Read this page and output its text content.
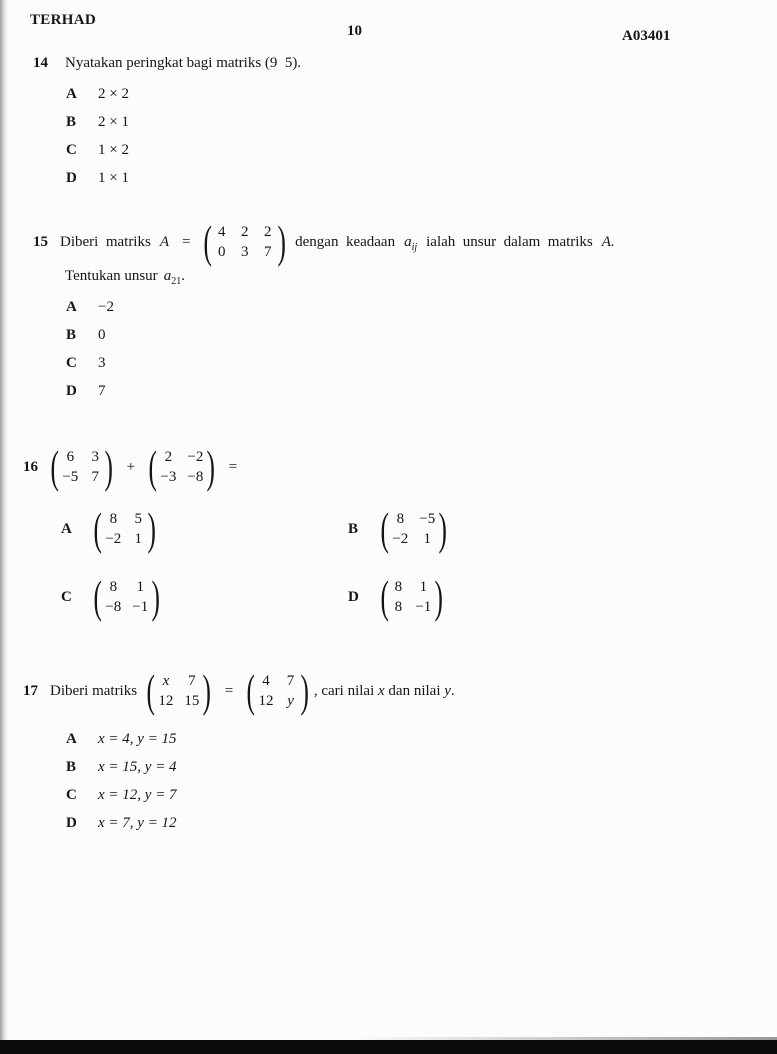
TERHAD
10	A03401
14 Nyatakan peringkat bagi matriks (9  5).
A 2 × 2
B 2 × 1
C 1 × 2
D 1 × 1
15 Diberi  matriks A = ( 4 2 2
0 3 7 ) dengan  keadaan $a_{ij}$ ialah  unsur  dalam  matriks A.
Tentukan unsur $a_{21}$.
A −2
B 0
C 3
D 7
16 ( 6 3
−5 7 ) + ( 2 −2
−3 −8 ) =
A ( 8 5
−2 1 )	B ( 8 −5
−2 1 )
C ( 8 1
−8 −1 )	D ( 8 1
8 −1 )
17 Diberi matriks ( x 7
12 15 ) = ( 4 7
12 y ) , cari nilai x dan nilai y.
A x = 4, y = 15
B x = 15, y = 4
C x = 12, y = 7
D x = 7, y = 12
